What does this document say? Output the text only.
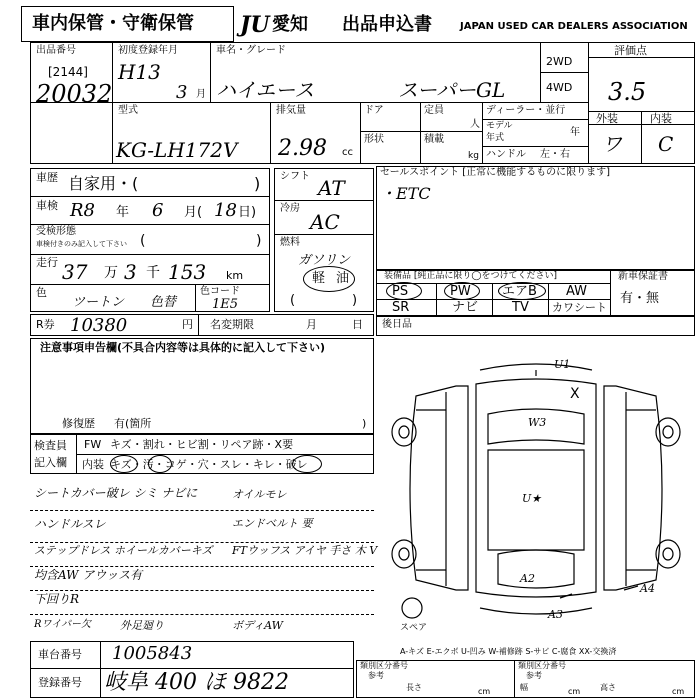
車内保管・守衛保管 JU 愛知 出品申込書	JAPAN USED CAR DEALERS ASSOCIATION
出品番号
[2144]
20032
初度登録年月
H13
3 月
車名・グレード
ハイエース	スーパーGL
2WD
4WD
評価点
3.5
型式
KG-LH172V
排気量
2.98 cc
ドア	定員
人
形状	積載
kg
ディーラー・並行
モデル
年式	年
ハンドル 左・右
外装	内装
ワ C
車歴 自家用・(	)
車検 R8 年 6 月( 18 日)
受検形態
車検付きのみ記入して下さい (	)
走行 37 万 3 千 153 km
色
ツートン 色替
色コード
1E5
シフト AT
冷房
AC
燃料
ガソリン
軽 油
(	)
セールスポイント [正常に機能するものに限ります]
・ETC
装備品 [純正品に限り◯をつけてください]
PS	PW エアB AW
SR	ナビ	TV カワシート
新車保証書
有・無
R券 10380	円 名変期限	月	日 後日品
注意事項申告欄(不具合内容等は具体的に記入して下さい)
修復歴 有(箇所	)
検査員
記入欄
FW キズ・割れ・ヒビ割・リペア跡・X要
内装 キズ・汚・コゲ・穴・スレ・キレ・破レ
シートカバー破レ シミ ナビに	オイルモレ
ハンドルスレ	エンドベルト 要
ステップドレス ホイールカバーキズ FTウッフス アイヤ 手さ 木 V
均含AW アウッス有
下回りR
Rワイパー欠	外足廻り	ボディAW
U1
W3
U★
X
A2
A3
A4
スペア
A-キズ E-エクボ U-凹み W-補修跡 S-サビ C-腐食 XX-交換済
車台番号 1005843
登録番号 岐阜 400 ほ 9822
類別区分番号	類別区分番号
参考	参考
長さ	cm	幅	cm 高さ	cm
